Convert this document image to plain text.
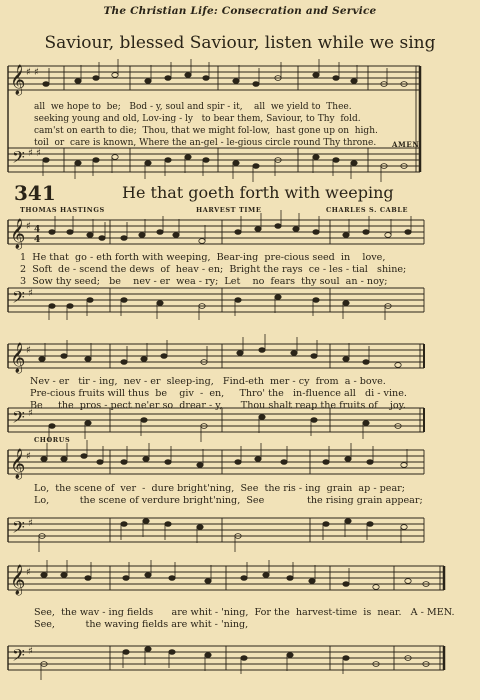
The Christian Life: Consecration and Service
Saviour, blessed Saviour, listen while we sing
𝄞 ♯ ♯
𝄢 ♯ ♯
all  we hope to  be;   Bod - y, soul and spir - it,    all  we yield to  Thee.
seeking young and old, Lov-ing - ly   to bear them, Saviour, to Thy  fold.
cam'st on earth to die;  Thou, that we might fol-low,  hast gone up on  high.
toil  or  care is known, Where the an-gel - le-gious circle round Thy throne. AMEN.
341	He that goeth forth with weeping
THOMAS HASTINGS	HARVEST TIME	CHARLES S. CABLE
𝄞 ♯ 4
4
𝄢 ♯
1  He that  go - eth forth with weeping,  Bear-ing  pre-cious seed  in    love,
2  Soft  de - scend the dews  of  heav - en;  Bright the rays  ce - les - tial   shine;
3  Sow thy seed;   be    nev - er  wea - ry;  Let    no  fears  thy soul  an - noy;
𝄞 ♯
𝄢 ♯
Nev - er   tir - ing,  nev - er  sleep-ing,   Find-eth  mer - cy  from  a - bove.
Pre-cious fruits will thus  be    giv  -  en,     Thro' the   in-fluence all   di - vine.
Be     the  pros - pect ne'er so  drear - y,      Thou shalt reap the fruits of    joy.
CHORUS
𝄞 ♯
𝄢 ♯
Lo,  the scene of  ver  -  dure bright'ning,  See  the ris - ing  grain  ap - pear;
Lo,          the scene of verdure bright'ning,  See              the rising grain appear;
𝄞 ♯
𝄢 ♯
See,  the wav - ing fields      are whit - 'ning,  For the  harvest-time  is  near.   A - MEN.
See,          the waving fields are whit - 'ning,
